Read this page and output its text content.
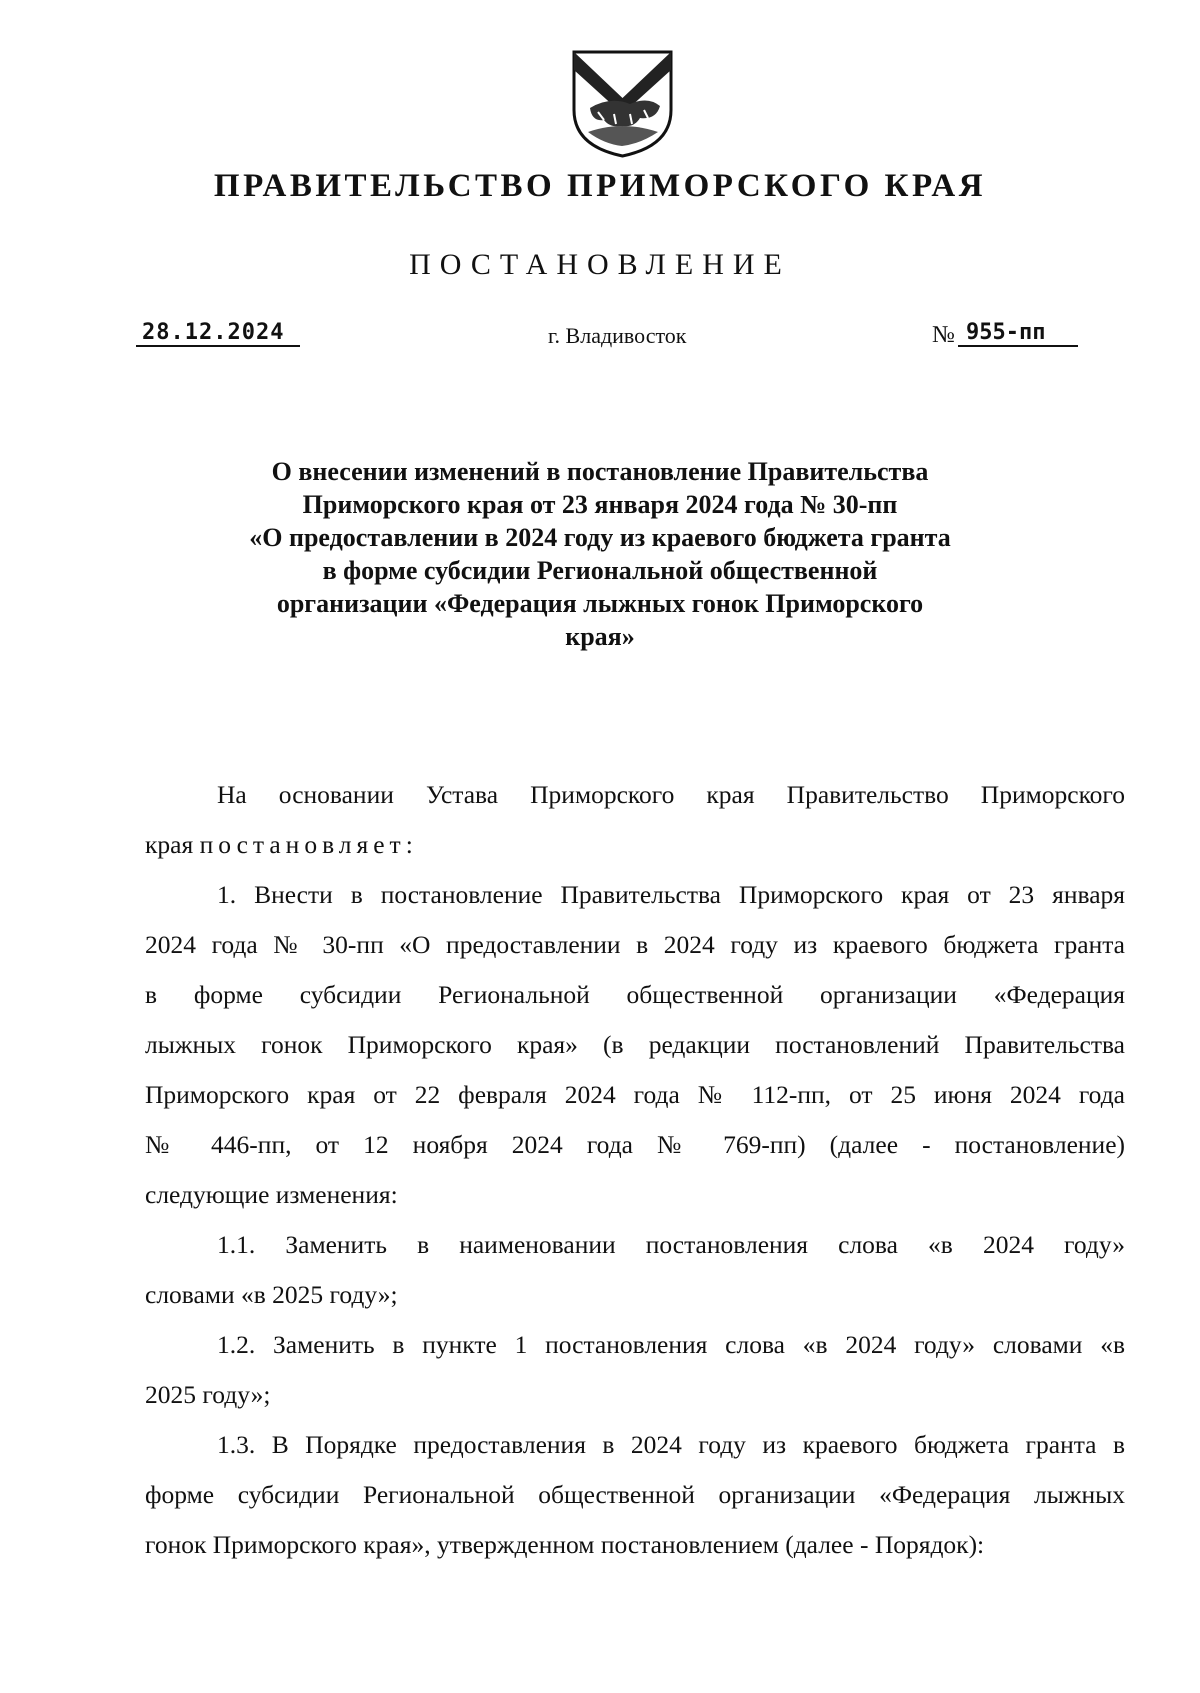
ПРАВИТЕЛЬСТВО ПРИМОРСКОГО КРАЯ
ПОСТАНОВЛЕНИЕ
28.12.2024	г. Владивосток	№ 955-пп
О внесении изменений в постановление Правительства
Приморского края от 23 января 2024 года № 30-пп
«О предоставлении в 2024 году из краевого бюджета гранта
в форме субсидии Региональной общественной
организации «Федерация лыжных гонок Приморского
края»
На основании Устава Приморского края Правительство Приморского
края постановляет:
1. Внести в постановление Правительства Приморского края от 23 января
2024 года № 30-пп «О предоставлении в 2024 году из краевого бюджета гранта
в форме субсидии Региональной общественной организации «Федерация
лыжных гонок Приморского края» (в редакции постановлений Правительства
Приморского края от 22 февраля 2024 года № 112-пп, от 25 июня 2024 года
№ 446-пп, от 12 ноября 2024 года № 769-пп) (далее - постановление)
следующие изменения:
1.1. Заменить в наименовании постановления слова «в 2024 году»
словами «в 2025 году»;
1.2. Заменить в пункте 1 постановления слова «в 2024 году» словами «в
2025 году»;
1.3. В Порядке предоставления в 2024 году из краевого бюджета гранта в
форме субсидии Региональной общественной организации «Федерация лыжных
гонок Приморского края», утвержденном постановлением (далее - Порядок):
